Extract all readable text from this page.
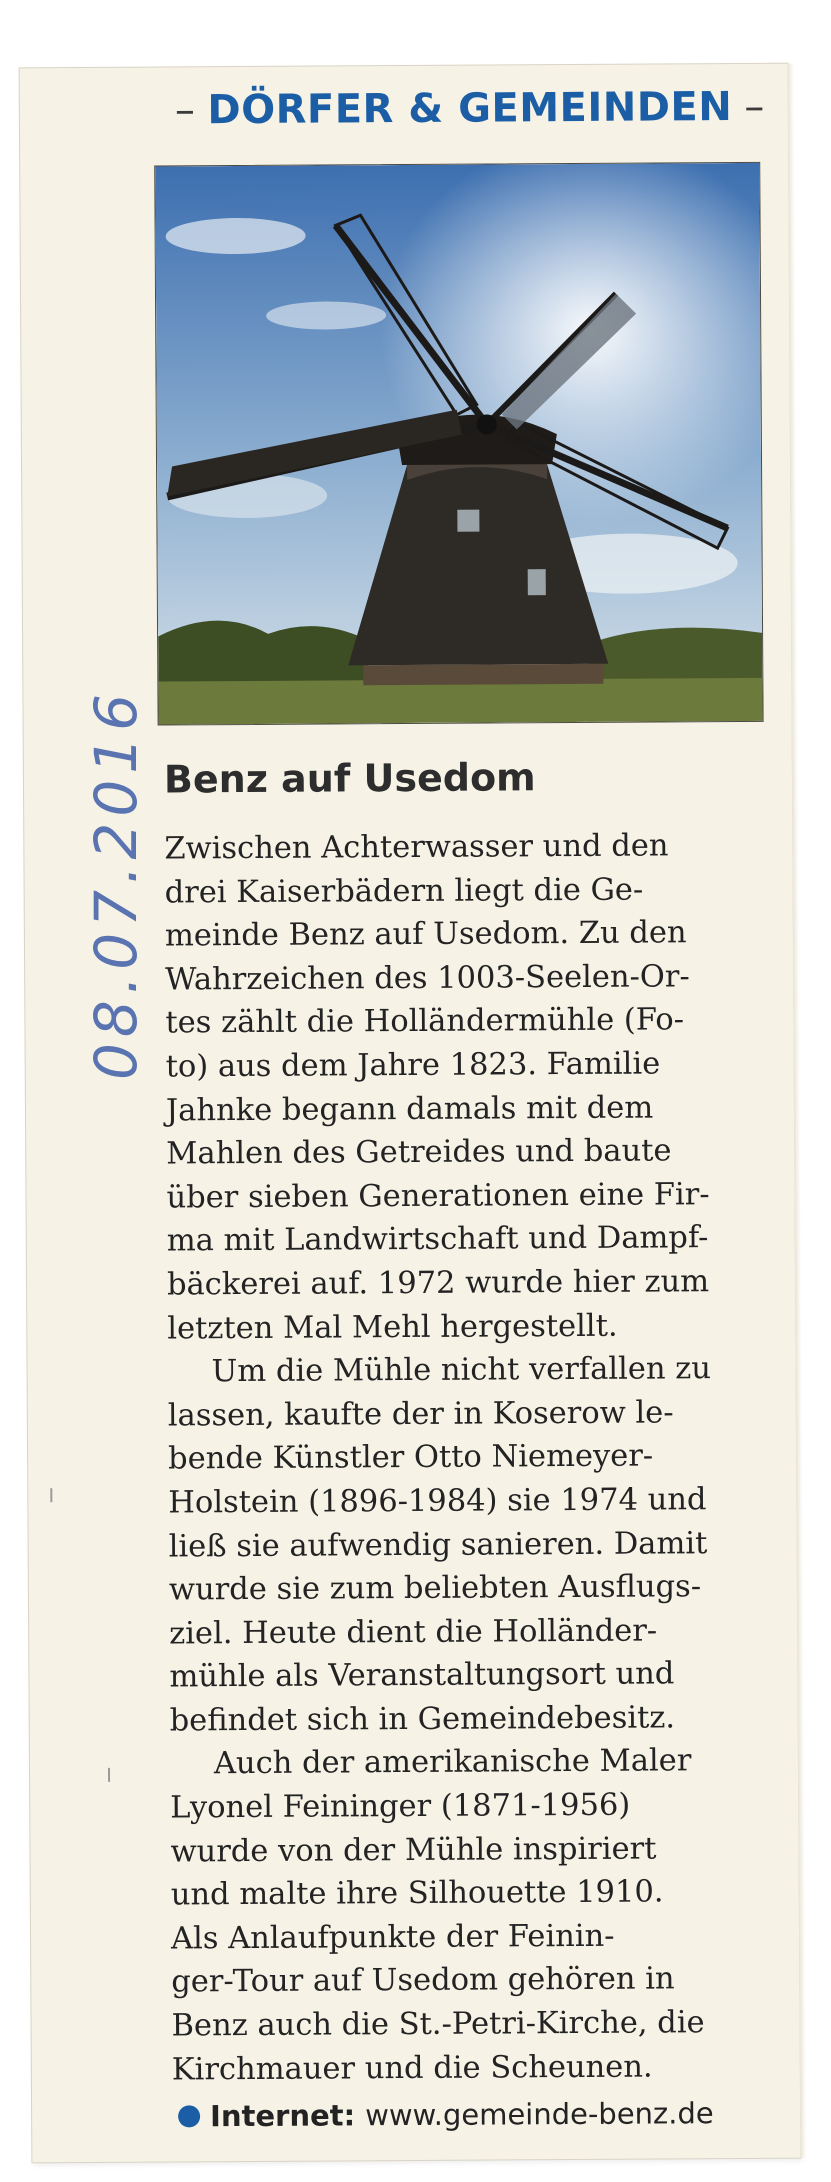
– DÖRFER & GEMEINDEN –
Benz auf Usedom
Zwischen Achterwasser und den
drei Kaiserbädern liegt die Ge-
meinde Benz auf Usedom. Zu den
Wahrzeichen des 1003-Seelen-Or-
tes zählt die Holländermühle (Fo-
to) aus dem Jahre 1823. Familie
Jahnke begann damals mit dem
Mahlen des Getreides und baute
über sieben Generationen eine Fir-
ma mit Landwirtschaft und Dampf-
bäckerei auf. 1972 wurde hier zum
letzten Mal Mehl hergestellt.
Um die Mühle nicht verfallen zu
lassen, kaufte der in Koserow le-
bende Künstler Otto Niemeyer-
Holstein (1896-1984) sie 1974 und
ließ sie aufwendig sanieren. Damit
wurde sie zum beliebten Ausflugs-
ziel. Heute dient die Holländer-
mühle als Veranstaltungsort und
befindet sich in Gemeindebesitz.
Auch der amerikanische Maler
Lyonel Feininger (1871-1956)
wurde von der Mühle inspiriert
und malte ihre Silhouette 1910.
Als Anlaufpunkte der Feinin-
ger-Tour auf Usedom gehören in
Benz auch die St.-Petri-Kirche, die
Kirchmauer und die Scheunen.
Internet: www.gemeinde-benz.de
08.07.2016
